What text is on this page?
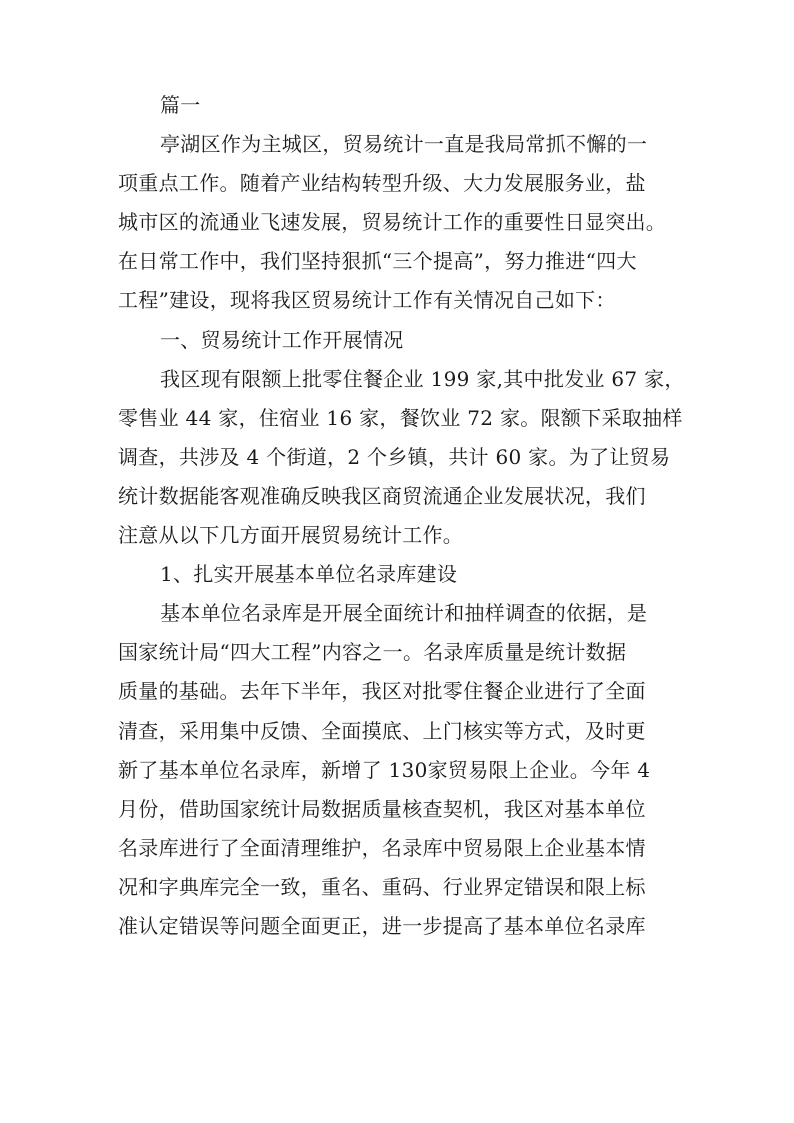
篇一
亭湖区作为主城区，贸易统计一直是我局常抓不懈的一
项重点工作。随着产业结构转型升级、大力发展服务业，盐
城市区的流通业飞速发展，贸易统计工作的重要性日显突出。
在日常工作中，我们坚持狠抓“三个提高”，努力推进“四大
工程”建设，现将我区贸易统计工作有关情况自己如下：
一、贸易统计工作开展情况
我区现有限额上批零住餐企业 199 家,其中批发业 67 家，
零售业 44 家，住宿业 16 家，餐饮业 72 家。限额下采取抽样
调查，共涉及 4 个街道，2 个乡镇，共计 60 家。为了让贸易
统计数据能客观准确反映我区商贸流通企业发展状况，我们
注意从以下几方面开展贸易统计工作。
1、扎实开展基本单位名录库建设
基本单位名录库是开展全面统计和抽样调查的依据，是
国家统计局“四大工程”内容之一。名录库质量是统计数据
质量的基础。去年下半年，我区对批零住餐企业进行了全面
清查，采用集中反馈、全面摸底、上门核实等方式，及时更
新了基本单位名录库，新增了 130家贸易限上企业。今年 4
月份，借助国家统计局数据质量核查契机，我区对基本单位
名录库进行了全面清理维护，名录库中贸易限上企业基本情
况和字典库完全一致，重名、重码、行业界定错误和限上标
准认定错误等问题全面更正，进一步提高了基本单位名录库
